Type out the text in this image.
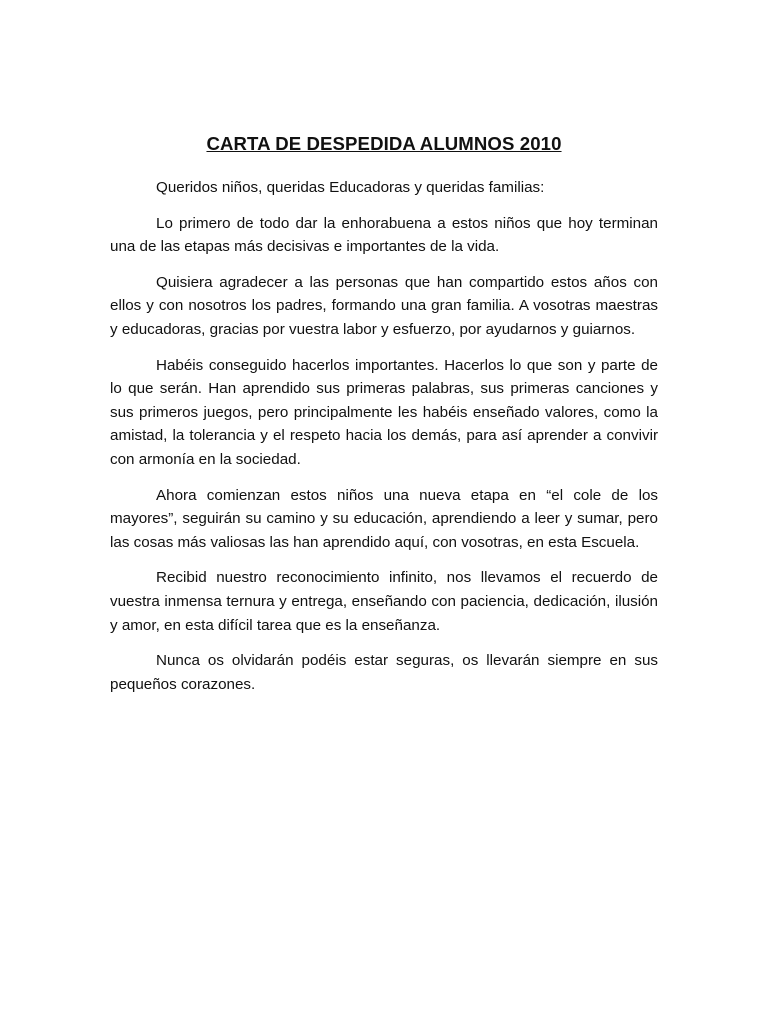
CARTA DE DESPEDIDA ALUMNOS 2010

Queridos niños, queridas Educadoras y queridas familias:

Lo primero de todo dar la enhorabuena a estos niños que hoy terminan una de las etapas más decisivas e importantes de la vida.

Quisiera agradecer a las personas que han compartido estos años con ellos y con nosotros los padres, formando una gran familia. A vosotras maestras y educadoras, gracias por vuestra labor y esfuerzo, por ayudarnos y guiarnos.

Habéis conseguido hacerlos importantes. Hacerlos lo que son y parte de lo que serán. Han aprendido sus primeras palabras, sus primeras canciones y sus primeros juegos, pero principalmente les habéis enseñado valores, como la amistad, la tolerancia y el respeto hacia los demás, para así aprender a convivir con armonía en la sociedad.

Ahora comienzan estos niños una nueva etapa en “el cole de los mayores”, seguirán su camino y su educación, aprendiendo a leer y sumar, pero las cosas más valiosas las han aprendido aquí, con vosotras, en esta Escuela.

Recibid nuestro reconocimiento infinito, nos llevamos el recuerdo de vuestra inmensa ternura y entrega, enseñando con paciencia, dedicación, ilusión y amor, en esta difícil tarea que es la enseñanza.

Nunca os olvidarán podéis estar seguras, os llevarán siempre en sus pequeños corazones.
